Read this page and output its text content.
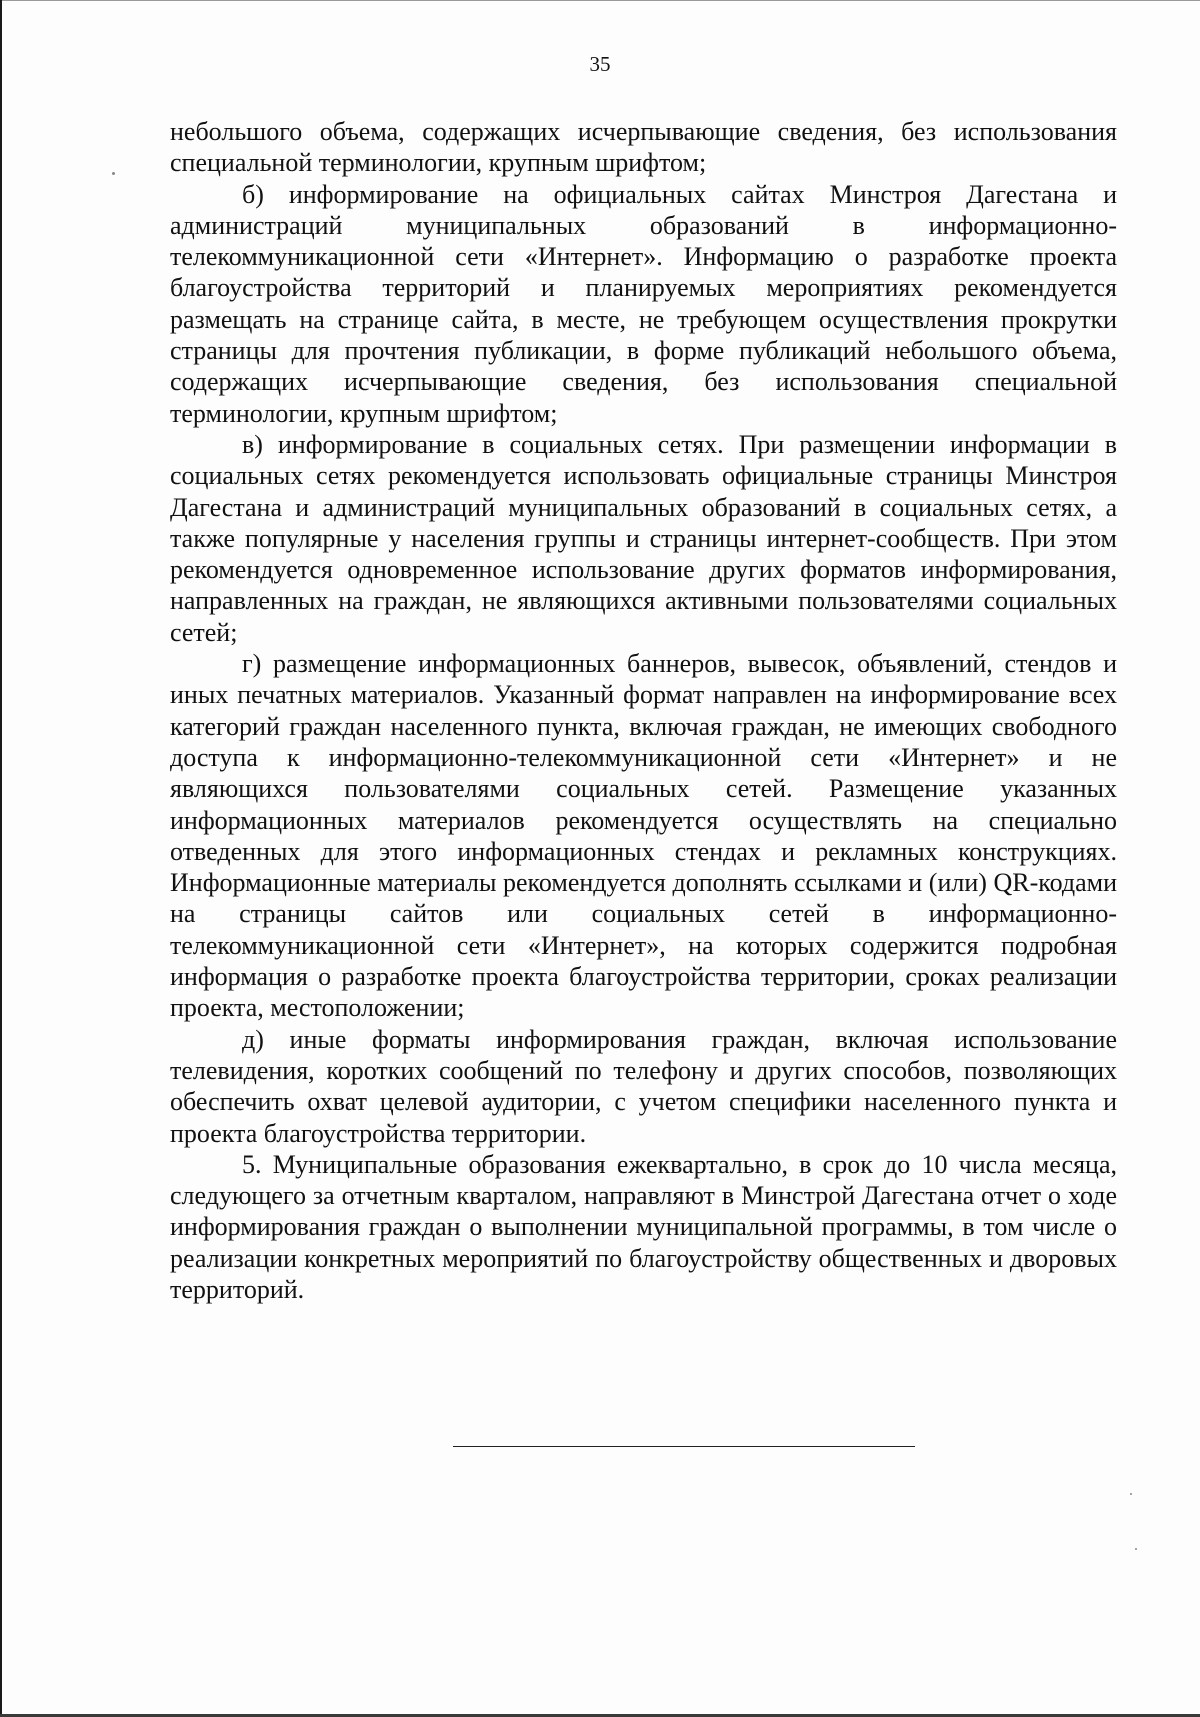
35

небольшого объема, содержащих исчерпывающие сведения, без использования специальной терминологии, крупным шрифтом;

б) информирование на официальных сайтах Минстроя Дагестана и администраций муниципальных образований в информационно-телекоммуникационной сети «Интернет». Информацию о разработке проекта благоустройства территорий и планируемых мероприятиях рекомендуется размещать на странице сайта, в месте, не требующем осуществления прокрутки страницы для прочтения публикации, в форме публикаций небольшого объема, содержащих исчерпывающие сведения, без использования специальной терминологии, крупным шрифтом;

в) информирование в социальных сетях. При размещении информации в социальных сетях рекомендуется использовать официальные страницы Минстроя Дагестана и администраций муниципальных образований в социальных сетях, а также популярные у населения группы и страницы интернет-сообществ. При этом рекомендуется одновременное использование других форматов информирования, направленных на граждан, не являющихся активными пользователями социальных сетей;

г) размещение информационных баннеров, вывесок, объявлений, стендов и иных печатных материалов. Указанный формат направлен на информирование всех категорий граждан населенного пункта, включая граждан, не имеющих свободного доступа к информационно-телекоммуникационной сети «Интернет» и не являющихся пользователями социальных сетей. Размещение указанных информационных материалов рекомендуется осуществлять на специально отведенных для этого информационных стендах и рекламных конструкциях. Информационные материалы рекомендуется дополнять ссылками и (или) QR-кодами на страницы сайтов или социальных сетей в информационно-телекоммуникационной сети «Интернет», на которых содержится подробная информация о разработке проекта благоустройства территории, сроках реализации проекта, местоположении;

д) иные форматы информирования граждан, включая использование телевидения, коротких сообщений по телефону и других способов, позволяющих обеспечить охват целевой аудитории, с учетом специфики населенного пункта и проекта благоустройства территории.

5. Муниципальные образования ежеквартально, в срок до 10 числа месяца, следующего за отчетным кварталом, направляют в Минстрой Дагестана отчет о ходе информирования граждан о выполнении муниципальной программы, в том числе о реализации конкретных мероприятий по благоустройству общественных и дворовых территорий.
